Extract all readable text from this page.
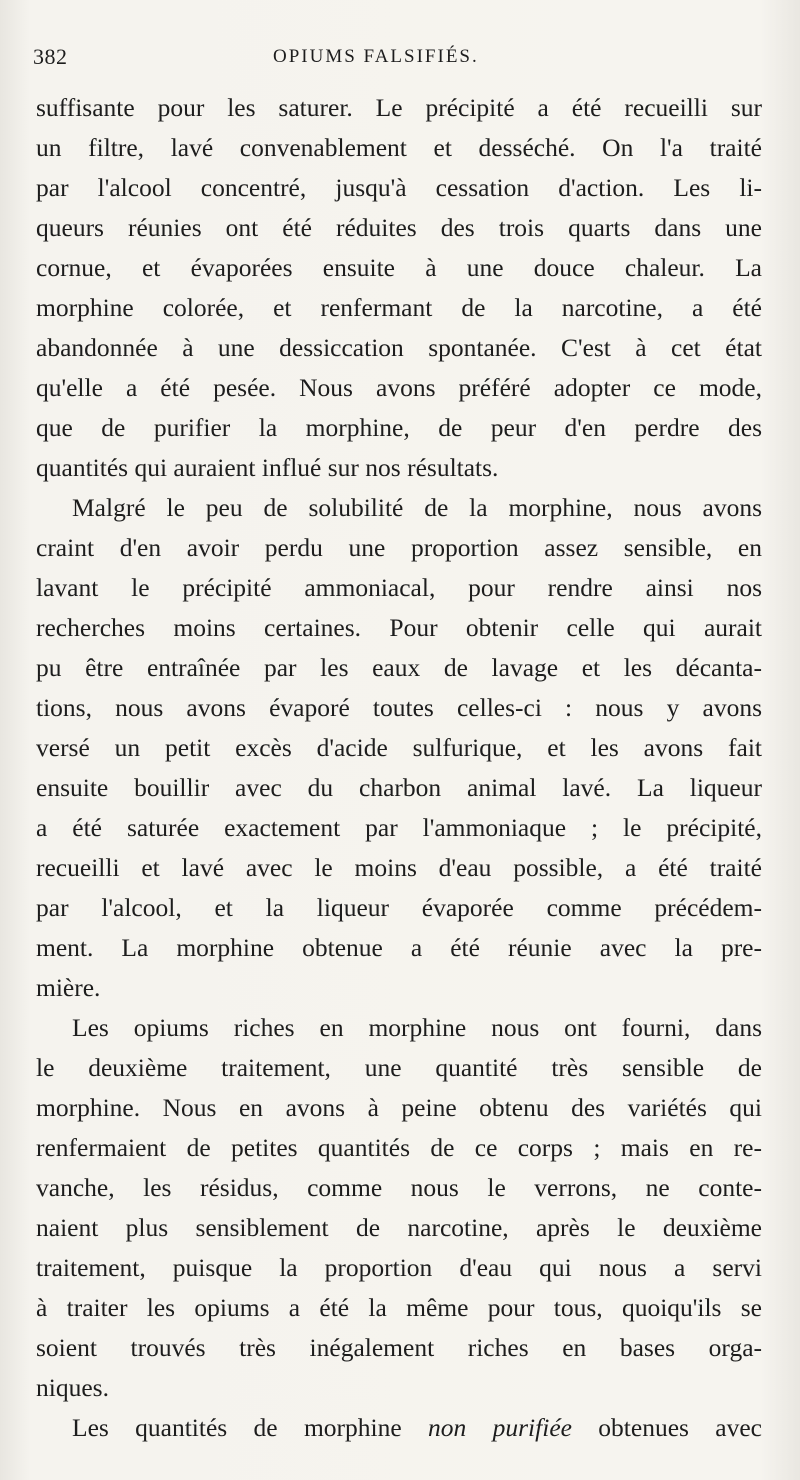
382	OPIUMS FALSIFIÉS.
suffisante pour les saturer. Le précipité a été recueilli sur
un filtre, lavé convenablement et desséché. On l'a traité
par l'alcool concentré, jusqu'à cessation d'action. Les li-
queurs réunies ont été réduites des trois quarts dans une
cornue, et évaporées ensuite à une douce chaleur. La
morphine colorée, et renfermant de la narcotine, a été
abandonnée à une dessiccation spontanée. C'est à cet état
qu'elle a été pesée. Nous avons préféré adopter ce mode,
que de purifier la morphine, de peur d'en perdre des
quantités qui auraient influé sur nos résultats.
Malgré le peu de solubilité de la morphine, nous avons
craint d'en avoir perdu une proportion assez sensible, en
lavant le précipité ammoniacal, pour rendre ainsi nos
recherches moins certaines. Pour obtenir celle qui aurait
pu être entraînée par les eaux de lavage et les décanta-
tions, nous avons évaporé toutes celles-ci : nous y avons
versé un petit excès d'acide sulfurique, et les avons fait
ensuite bouillir avec du charbon animal lavé. La liqueur
a été saturée exactement par l'ammoniaque ; le précipité,
recueilli et lavé avec le moins d'eau possible, a été traité
par l'alcool, et la liqueur évaporée comme précédem-
ment. La morphine obtenue a été réunie avec la pre-
mière.
Les opiums riches en morphine nous ont fourni, dans
le deuxième traitement, une quantité très sensible de
morphine. Nous en avons à peine obtenu des variétés qui
renfermaient de petites quantités de ce corps ; mais en re-
vanche, les résidus, comme nous le verrons, ne conte-
naient plus sensiblement de narcotine, après le deuxième
traitement, puisque la proportion d'eau qui nous a servi
à traiter les opiums a été la même pour tous, quoiqu'ils se
soient trouvés très inégalement riches en bases orga-
niques.
Les quantités de morphine non purifiée obtenues avec
